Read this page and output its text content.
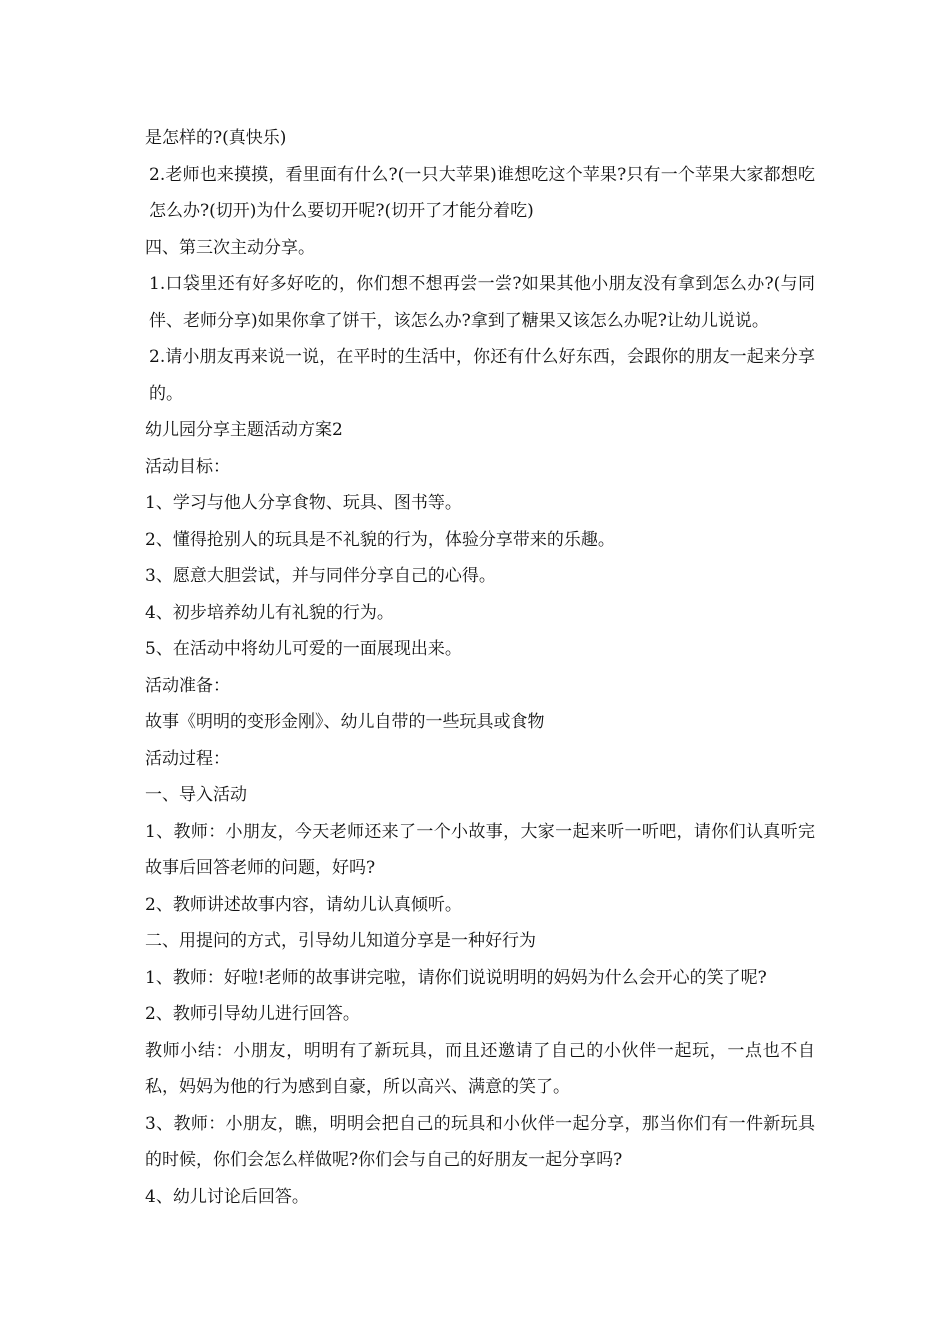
是怎样的?(真快乐)

2.老师也来摸摸，看里面有什么?(一只大苹果)谁想吃这个苹果?只有一个苹果大家都想吃怎么办?(切开)为什么要切开呢?(切开了才能分着吃)

四、第三次主动分享。

1.口袋里还有好多好吃的，你们想不想再尝一尝?如果其他小朋友没有拿到怎么办?(与同伴、老师分享)如果你拿了饼干，该怎么办?拿到了糖果又该怎么办呢?让幼儿说说。

2.请小朋友再来说一说，在平时的生活中，你还有什么好东西，会跟你的朋友一起来分享的。

幼儿园分享主题活动方案2

活动目标：

1、学习与他人分享食物、玩具、图书等。

2、懂得抢别人的玩具是不礼貌的行为，体验分享带来的乐趣。

3、愿意大胆尝试，并与同伴分享自己的心得。

4、初步培养幼儿有礼貌的行为。

5、在活动中将幼儿可爱的一面展现出来。

活动准备：

故事《明明的变形金刚》、幼儿自带的一些玩具或食物

活动过程：

一、导入活动

1、教师：小朋友，今天老师还来了一个小故事，大家一起来听一听吧，请你们认真听完故事后回答老师的问题，好吗?

2、教师讲述故事内容，请幼儿认真倾听。

二、用提问的方式，引导幼儿知道分享是一种好行为

1、教师：好啦!老师的故事讲完啦，请你们说说明明的妈妈为什么会开心的笑了呢?

2、教师引导幼儿进行回答。

教师小结：小朋友，明明有了新玩具，而且还邀请了自己的小伙伴一起玩，一点也不自私，妈妈为他的行为感到自豪，所以高兴、满意的笑了。

3、教师：小朋友，瞧，明明会把自己的玩具和小伙伴一起分享，那当你们有一件新玩具的时候，你们会怎么样做呢?你们会与自己的好朋友一起分享吗?

4、幼儿讨论后回答。
